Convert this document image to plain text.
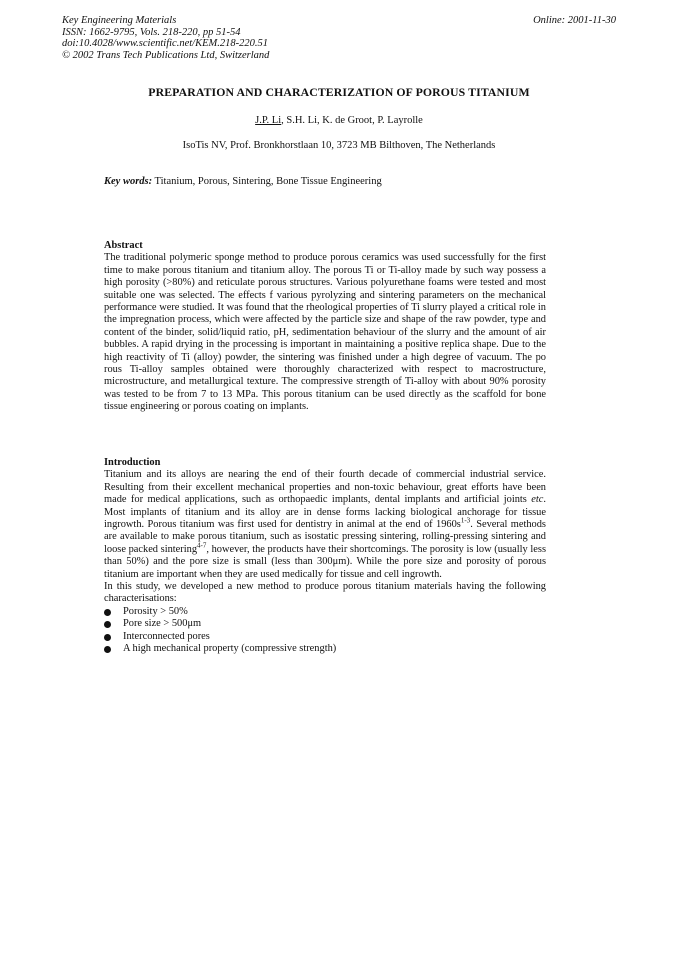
Key Engineering Materials
ISSN: 1662-9795, Vols. 218-220, pp 51-54
doi:10.4028/www.scientific.net/KEM.218-220.51
© 2002 Trans Tech Publications Ltd, Switzerland
Online: 2001-11-30
PREPARATION AND CHARACTERIZATION OF POROUS TITANIUM
J.P. Li, S.H. Li, K. de Groot, P. Layrolle
IsoTis NV, Prof. Bronkhorstlaan 10, 3723 MB Bilthoven, The Netherlands
Key words: Titanium, Porous, Sintering, Bone Tissue Engineering
Abstract

The traditional polymeric sponge method to produce porous ceramics was used successfully for the first time to make porous titanium and titanium alloy. The porous Ti or Ti-alloy made by such way possess a high porosity (>80%) and reticulate porous structures. Various polyurethane foams were tested and most suitable one was selected. The effects f various pyrolyzing and sintering parameters on the mechanical performance were studied. It was found that the rheological properties of Ti slurry played a critical role in the impregnation process, which were affected by the particle size and shape of the raw powder, type and content of the binder, solid/liquid ratio, pH, sedimentation behaviour of the slurry and the amount of air bubbles. A rapid drying in the processing is important in maintaining a positive replica shape. Due to the high reactivity of Ti (alloy) powder, the sintering was finished under a high degree of vacuum. The po rous Ti-alloy samples obtained were thoroughly characterized with respect to macrostructure, microstructure, and metallurgical texture. The compressive strength of Ti-alloy with about 90% porosity was tested to be from 7 to 13 MPa. This porous titanium can be used directly as the scaffold for bone tissue engineering or porous coating on implants.

Introduction

Titanium and its alloys are nearing the end of their fourth decade of commercial industrial service. Resulting from their excellent mechanical properties and non-toxic behaviour, great efforts have been made for medical applications, such as orthopaedic implants, dental implants and artificial joints etc. Most implants of titanium and its alloy are in dense forms lacking biological anchorage for tissue ingrowth. Porous titanium was first used for dentistry in animal at the end of $1960s^{1-3}$. Several methods are available to make porous titanium, such as isostatic pressing sintering, rolling-pressing sintering and loose packed sintering$^{4-7}$, however, the products have their shortcomings. The porosity is low (usually less than 50%) and the pore size is small (less than 300μm). While the pore size and porosity of porous titanium are important when they are used medically for tissue and cell ingrowth.

In this study, we developed a new method to produce porous titanium materials having the following characterisations:

Porosity > 50%
Pore size > 500μm
Interconnected pores
A high mechanical property (compressive strength)
